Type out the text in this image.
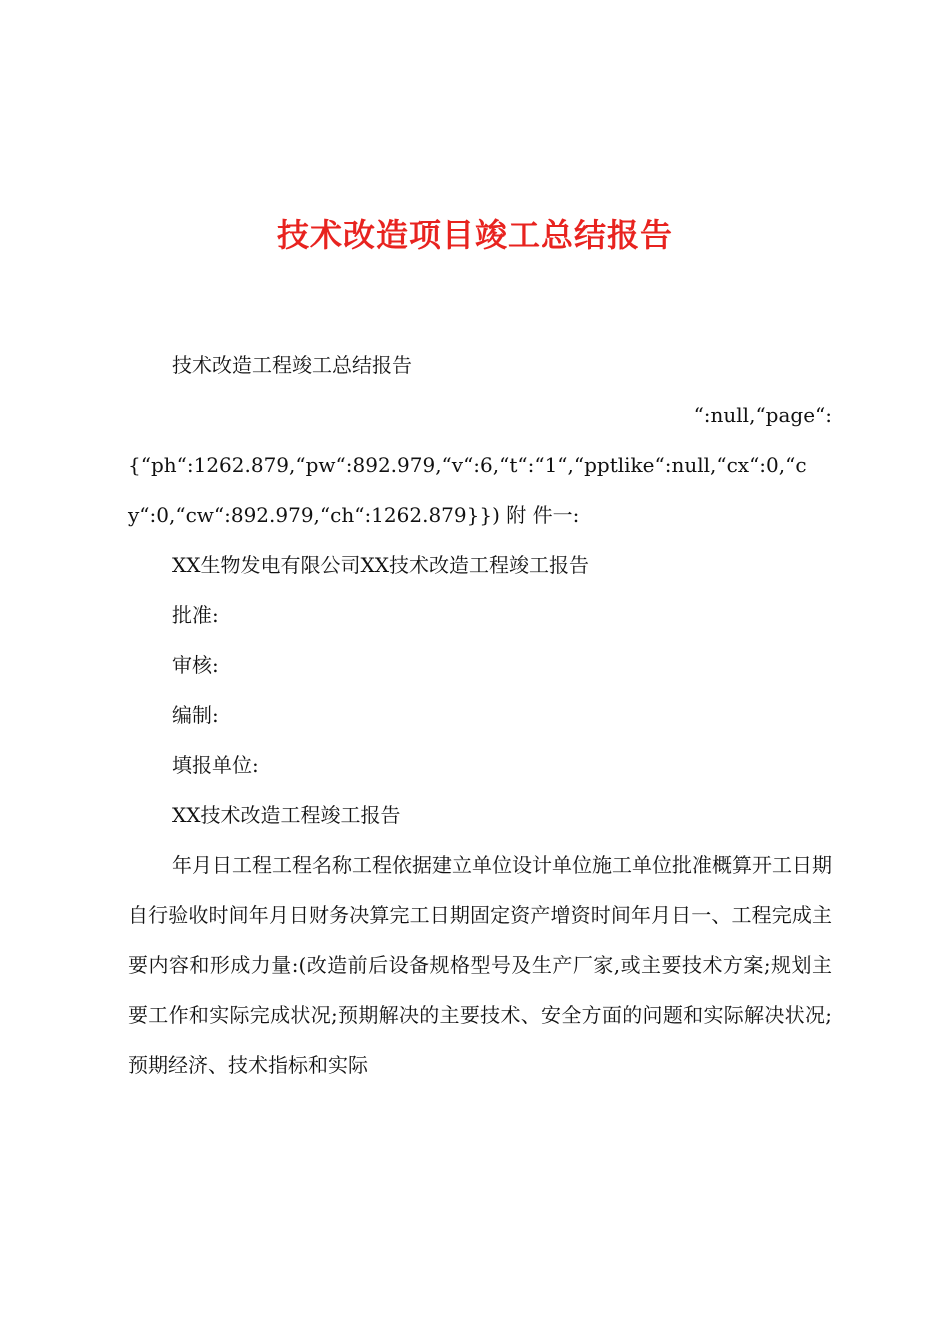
技术改造项目竣工总结报告

技术改造工程竣工总结报告

“:null,“page“:

{“ph“:1262.879,“pw“:892.979,“v“:6,“t“:“1“,“pptlike“:null,“cx“:0,“cy“:0,“cw“:892.979,“ch“:1262.879}}) 附 件一:

XX生物发电有限公司XX技术改造工程竣工报告

批准:

审核:

编制:

填报单位:

XX技术改造工程竣工报告

年月日工程工程名称工程依据建立单位设计单位施工单位批准概算开工日期自行验收时间年月日财务决算完工日期固定资产增资时间年月日一、工程完成主要内容和形成力量:(改造前后设备规格型号及生产厂家,或主要技术方案;规划主要工作和实际完成状况;预期解决的主要技术、安全方面的问题和实际解决状况;预期经济、技术指标和实际
